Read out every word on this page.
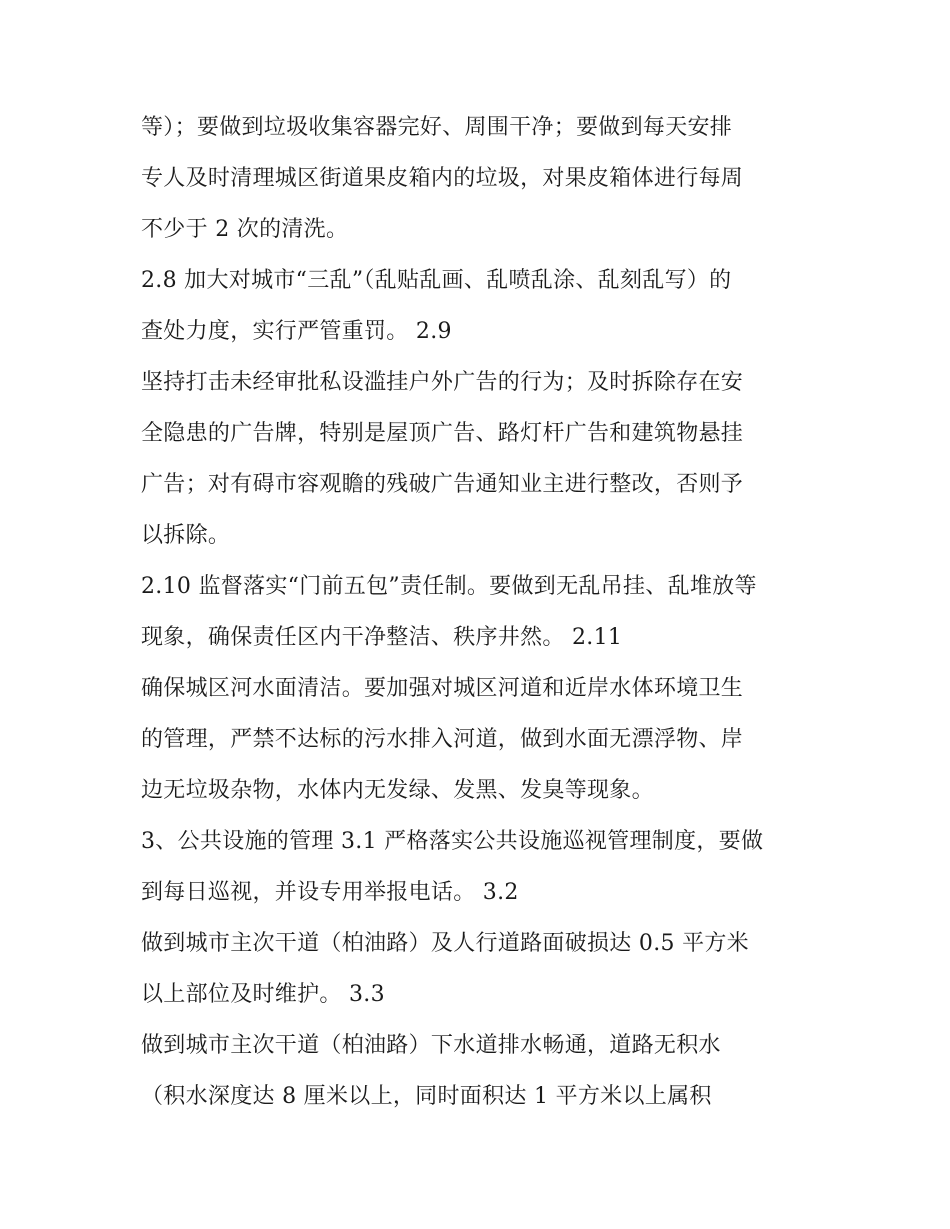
等）；要做到垃圾收集容器完好、周围干净；要做到每天安排
专人及时清理城区街道果皮箱内的垃圾，对果皮箱体进行每周
不少于 2 次的清洗。
2.8 加大对城市“三乱”（乱贴乱画、乱喷乱涂、乱刻乱写）的
查处力度，实行严管重罚。 2.9
坚持打击未经审批私设滥挂户外广告的行为；及时拆除存在安
全隐患的广告牌，特别是屋顶广告、路灯杆广告和建筑物悬挂
广告；对有碍市容观瞻的残破广告通知业主进行整改，否则予
以拆除。
2.10 监督落实“门前五包”责任制。要做到无乱吊挂、乱堆放等
现象，确保责任区内干净整洁、秩序井然。 2.11
确保城区河水面清洁。要加强对城区河道和近岸水体环境卫生
的管理，严禁不达标的污水排入河道，做到水面无漂浮物、岸
边无垃圾杂物，水体内无发绿、发黑、发臭等现象。
3、公共设施的管理 3.1 严格落实公共设施巡视管理制度，要做
到每日巡视，并设专用举报电话。 3.2
做到城市主次干道（柏油路）及人行道路面破损达 0.5 平方米
以上部位及时维护。 3.3
做到城市主次干道（柏油路）下水道排水畅通，道路无积水
（积水深度达 8 厘米以上，同时面积达 1 平方米以上属积
